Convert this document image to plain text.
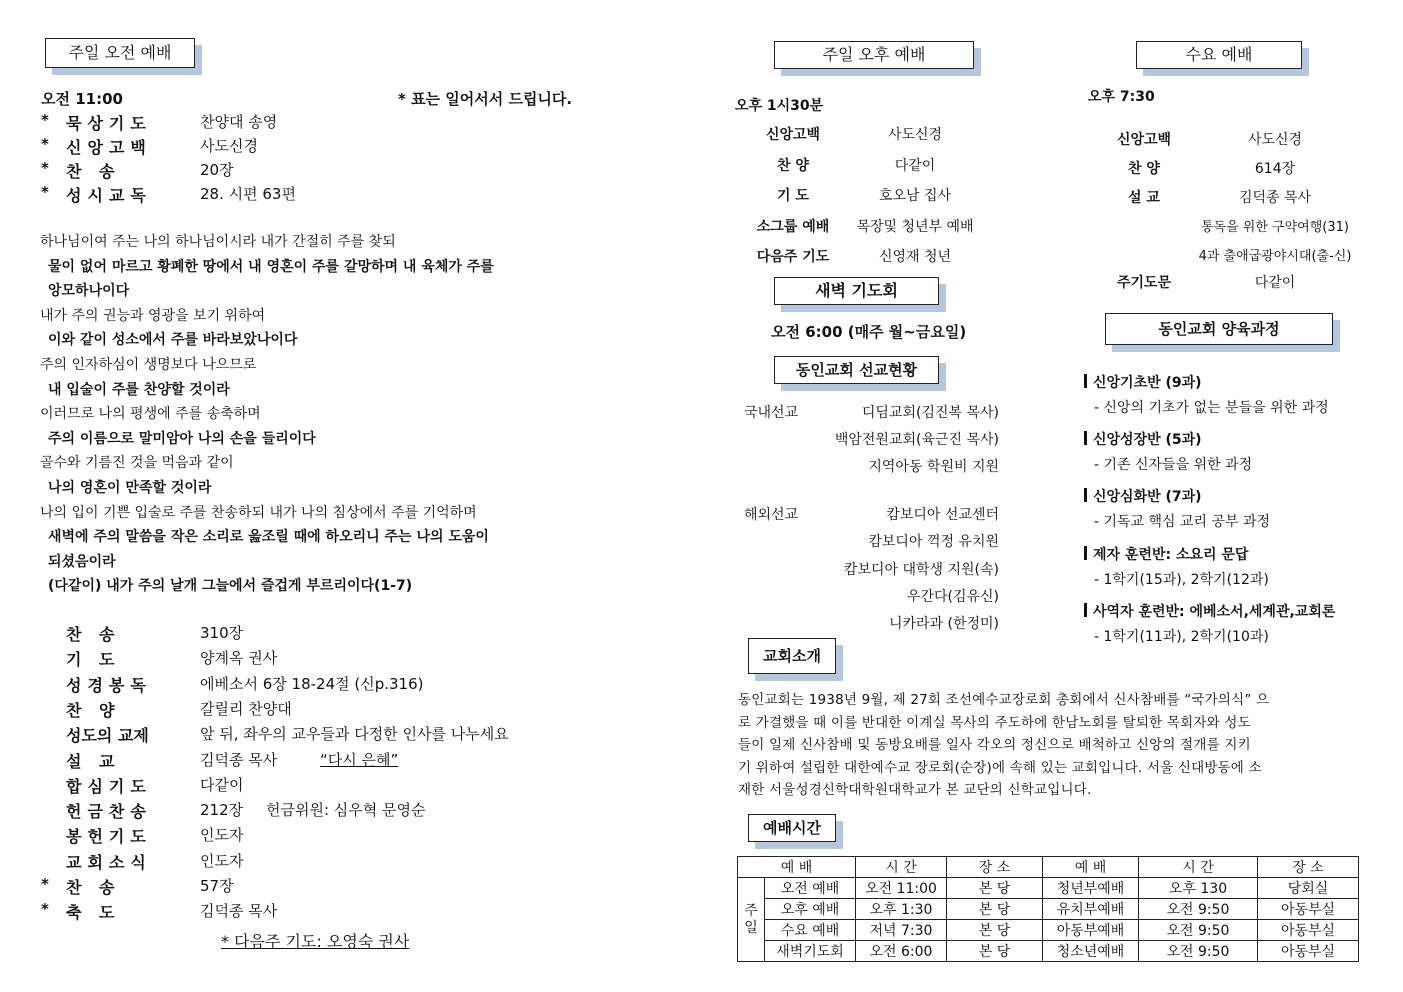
주일 오전 예배
오전 11:00	* 표는 일어서서 드립니다.
* 묵상기도	찬양대 송영
* 신앙고백	사도신경
* 찬 송	20장
* 성시교독	28. 시편 63편
하나님이여 주는 나의 하나님이시라 내가 간절히 주를 찾되
물이 없어 마르고 황폐한 땅에서 내 영혼이 주를 갈망하며 내 육체가 주를
앙모하나이다
내가 주의 권능과 영광을 보기 위하여
이와 같이 성소에서 주를 바라보았나이다
주의 인자하심이 생명보다 나으므로
내 입술이 주를 찬양할 것이라
이러므로 나의 평생에 주를 송축하며
주의 이름으로 말미암아 나의 손을 들리이다
골수와 기름진 것을 먹음과 같이
나의 영혼이 만족할 것이라
나의 입이 기쁜 입술로 주를 찬송하되 내가 나의 침상에서 주를 기억하며
새벽에 주의 말씀을 작은 소리로 읊조릴 때에 하오리니 주는 나의 도움이
되셨음이라
(다같이) 내가 주의 날개 그늘에서 즐겁게 부르리이다(1-7)
찬 송	310장
기 도	양계옥 권사
성경봉독	에베소서 6장 18-24절 (신p.316)
찬 양	갈릴리 찬양대
성도의 교제	앞 뒤, 좌우의 교우들과 다정한 인사를 나누세요
설 교	김덕종 목사	“다시 은혜”
합심기도	다같이
헌금찬송	212장 헌금위원: 심우혁 문영순
봉헌기도	인도자
교회소식	인도자
* 찬 송	57장
* 축 도	김덕종 목사
* 다음주 기도: 오영숙 권사
주일 오후 예배
오후 1시30분
신앙고백	사도신경
찬 양	다같이
기 도	호오남 집사
소그룹 예배	목장및 청년부 예배
다음주 기도	신영재 청년
새벽 기도회
오전 6:00 (매주 월~금요일)
동인교회 선교현황
국내선교	디딤교회(김진복 목사)
백암전원교회(육근진 목사)
지역아동 학원비 지원
해외선교	캄보디아 선교센터
캄보디아 꺽정 유치원
캄보디아 대학생 지원(속)
우간다(김유신)
니카라과 (한정미)
교회소개
동인교회는 1938년 9월, 제 27회 조선예수교장로회 총회에서 신사참배를 “국가의식” 으
로 가결했을 때 이를 반대한 이계실 목사의 주도하에 한남노회를 탈퇴한 목회자와 성도
들이 일제 신사참배 및 동방요배를 일사 각오의 정신으로 배척하고 신앙의 절개를 지키
기 위하여 설립한 대한예수교 장로회(순장)에 속해 있는 교회입니다. 서울 신대방동에 소
재한 서울성경신학대학원대학교가 본 교단의 신학교입니다.
예배시간
예 배		시 간	장 소	예 배	시 간	장 소
주
일	오전 예배	오전 11:00	본 당	청년부예배	오후 130	당회실
	오후 예배	오후 1:30	본 당	유치부예배	오전 9:50	아동부실
	수요 예배	저녁 7:30	본 당	아동부예배	오전 9:50	아동부실
	새벽기도회	오전 6:00	본 당	청소년예배	오전 9:50	아동부실
수요 예배
오후 7:30
신앙고백	사도신경
찬 양	614장
설 교	김덕종 목사
통독을 위한 구약여행(31)
4과 출애굽광야시대(출-신)
주기도문	다같이
동인교회 양육과정
신앙기초반 (9과)
- 신앙의 기초가 없는 분들을 위한 과정
신앙성장반 (5과)
- 기존 신자들을 위한 과정
신앙심화반 (7과)
- 기독교 핵심 교리 공부 과정
제자 훈련반: 소요리 문답
- 1학기(15과), 2학기(12과)
사역자 훈련반: 에베소서,세계관,교회론
- 1학기(11과), 2학기(10과)
